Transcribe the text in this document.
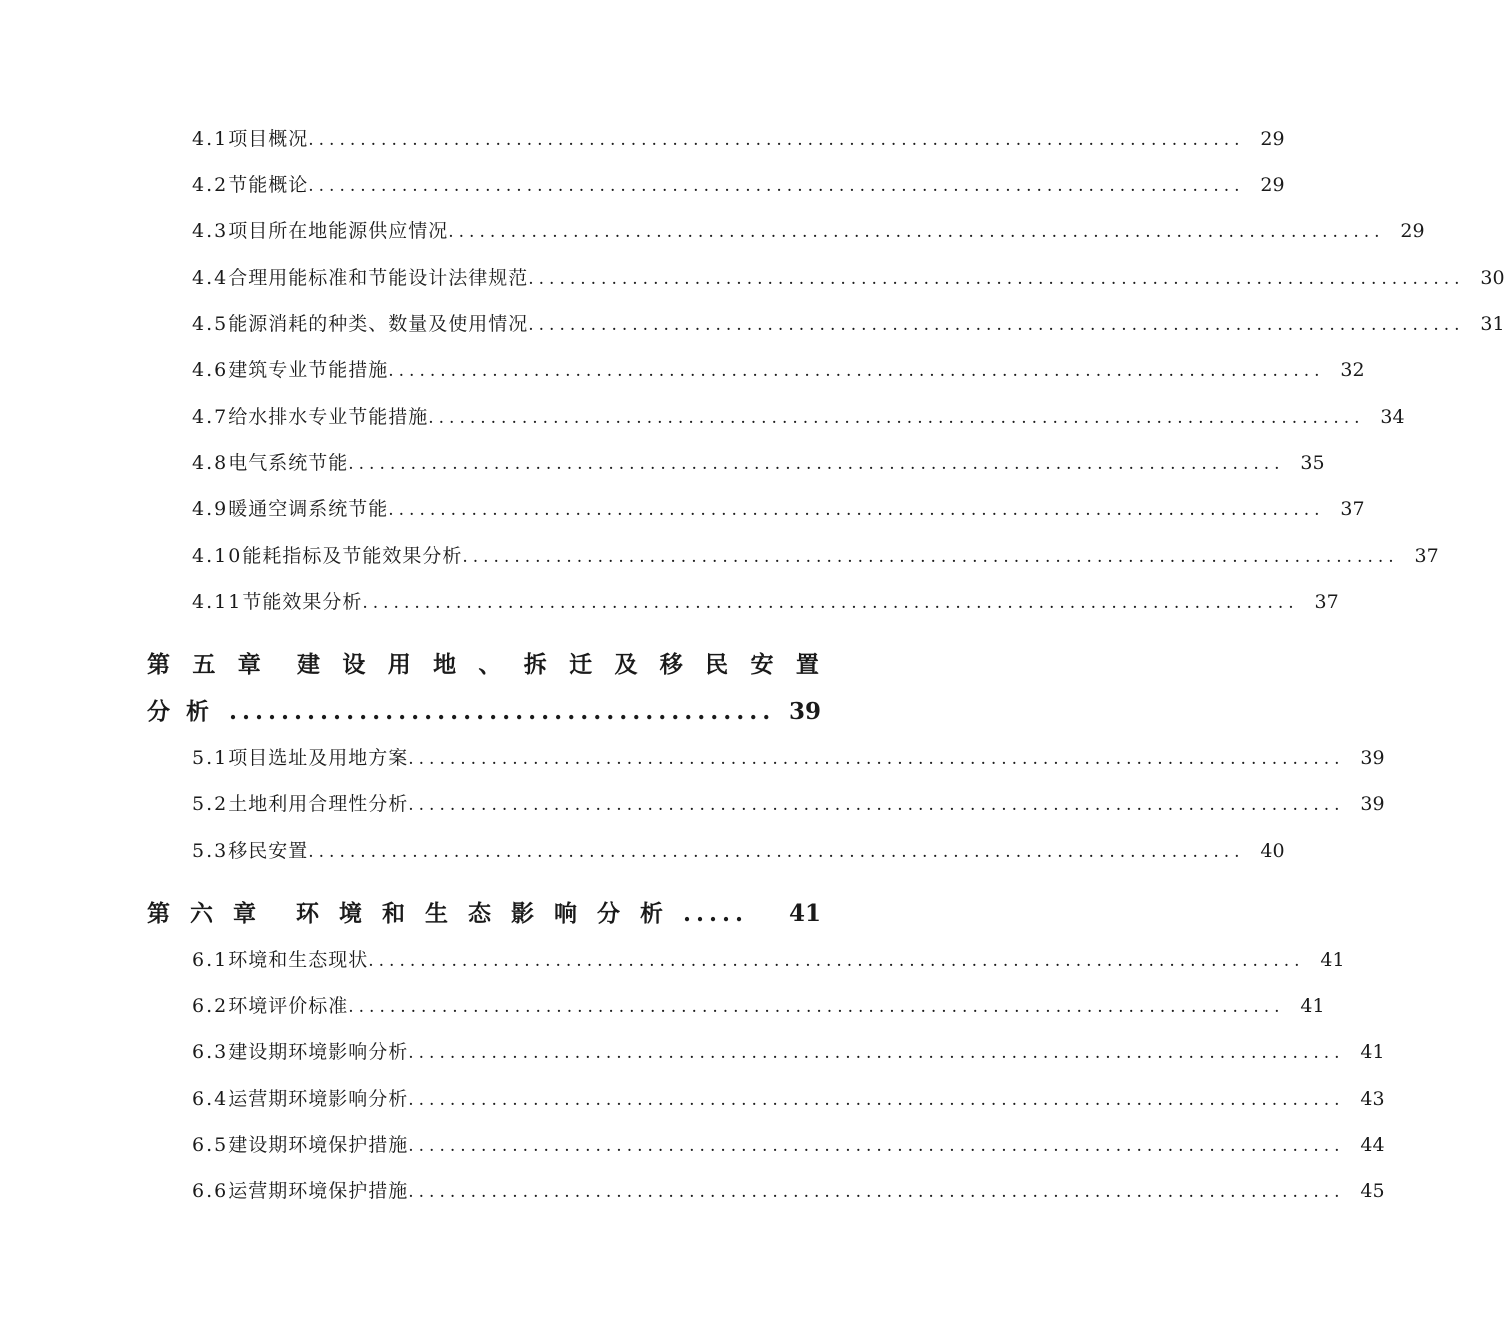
4.1 项目概况 .......................................................................................... 29
4.2 节能概论 .......................................................................................... 29
4.3 项目所在地能源供应情况 .......................................................................................... 29
4.4 合理用能标准和节能设计法律规范 .......................................................................................... 30
4.5 能源消耗的种类、数量及使用情况 .......................................................................................... 31
4.6 建筑专业节能措施 .......................................................................................... 32
4.7 给水排水专业节能措施 .......................................................................................... 34
4.8 电气系统节能 .......................................................................................... 35
4.9 暖通空调系统节能 .......................................................................................... 37
4.10 能耗指标及节能效果分析 .......................................................................................... 37
4.11 节能效果分析 .......................................................................................... 37
第 五 章 建 设 用 地 、 拆 迁 及 移 民 安 置
分 析 .......................................... 39
5.1 项目选址及用地方案 .......................................................................................... 39
5.2 土地利用合理性分析 .......................................................................................... 39
5.3 移民安置 .......................................................................................... 40
第 六 章 环 境 和 生 态 影 响 分 析 .....	41
6.1 环境和生态现状 .......................................................................................... 41
6.2 环境评价标准 .......................................................................................... 41
6.3 建设期环境影响分析 .......................................................................................... 41
6.4 运营期环境影响分析 .......................................................................................... 43
6.5 建设期环境保护措施 .......................................................................................... 44
6.6 运营期环境保护措施 .......................................................................................... 45
